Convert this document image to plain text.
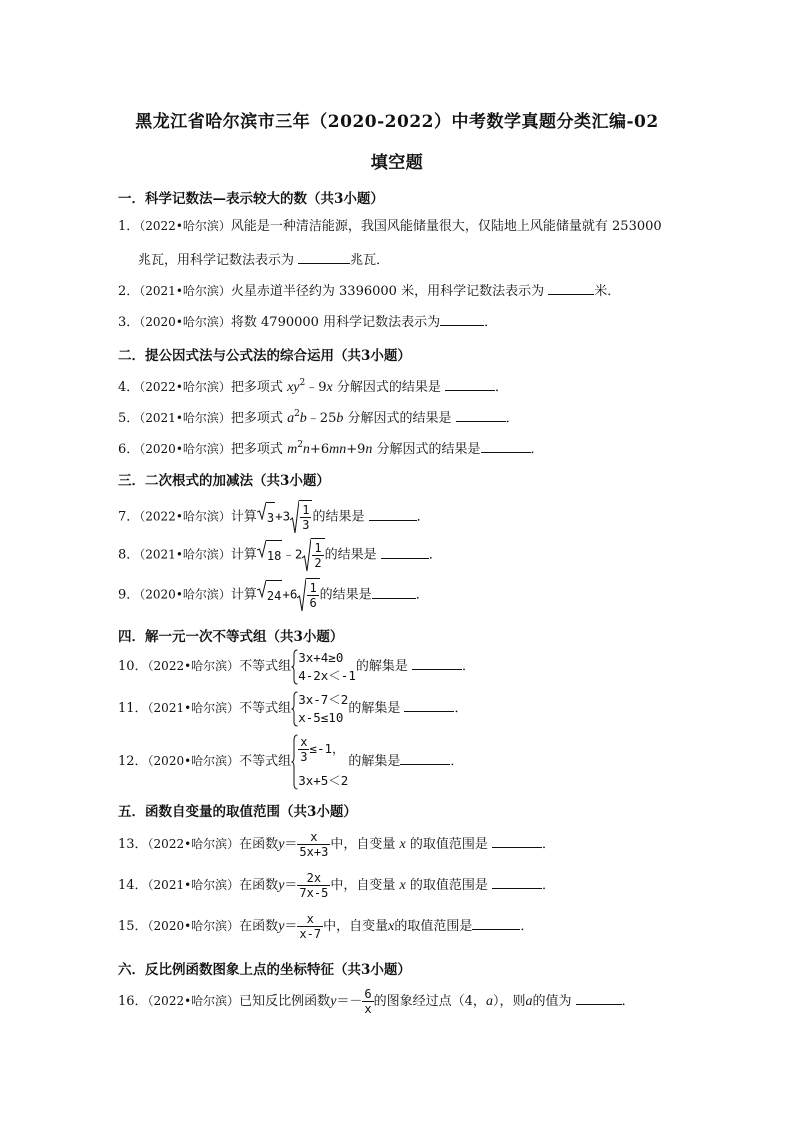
黑龙江省哈尔滨市三年（2020-2022）中考数学真题分类汇编-02
填空题
一．科学记数法—表示较大的数（共3小题）
1．（2022•哈尔滨）风能是一种清洁能源，我国风能储量很大，仅陆地上风能储量就有 253000
兆瓦，用科学记数法表示为	兆瓦．
2．（2021•哈尔滨）火星赤道半径约为 3396000 米，用科学记数法表示为	米．
3．（2020•哈尔滨）将数 4790000 用科学记数法表示为	．
二．提公因式法与公式法的综合运用（共3小题）
4．（2022•哈尔滨）把多项式 $xy^2﹣9x$ 分解因式的结果是	．
5．（2021•哈尔滨）把多项式 $a^2b﹣25b$ 分解因式的结果是	．
6．（2020•哈尔滨）把多项式 $m^2n+6mn+9n$ 分解因式的结果是	．
三．二次根式的加减法（共3小题）
7．（2022•哈尔滨）计算 $3 +3 \frac{1}{3}$ 的结果是	．
8．（2021•哈尔滨）计算 18 ﹣2 $\frac{1}{2}$ 的结果是	．
9．（2020•哈尔滨）计算 $24 +6 \frac{1}{6}$ 的结果是	．
四．解一元一次不等式组（共3小题）
10．（2022•哈尔滨）不等式组
3x+4≥0
4-2x＜-1
的解集是	．
11．（2021•哈尔滨）不等式组
3x-7＜2
x-5≤10
的解集是	．
12．（2020•哈尔滨）不等式组 $\frac{x}{3} \le-1$，
3x+5＜2
的解集是	．
五．函数自变量的取值范围（共3小题）
13．（2022•哈尔滨）在函数$y= \frac{x}{5x+3}$ 中，自变量 x 的取值范围是	．
14．（2021•哈尔滨）在函数$y= \frac{2x}{7x-5}$ 中，自变量 x 的取值范围是	．
15．（2020•哈尔滨）在函数$y= \frac{x}{x-7}$ 中，自变量x的取值范围是	．
六．反比例函数图象上点的坐标特征（共3小题）
16．（2022•哈尔滨）已知反比例函数$y=- \frac{6}{x}$ 的图象经过点（4，a），则a的值为	．
